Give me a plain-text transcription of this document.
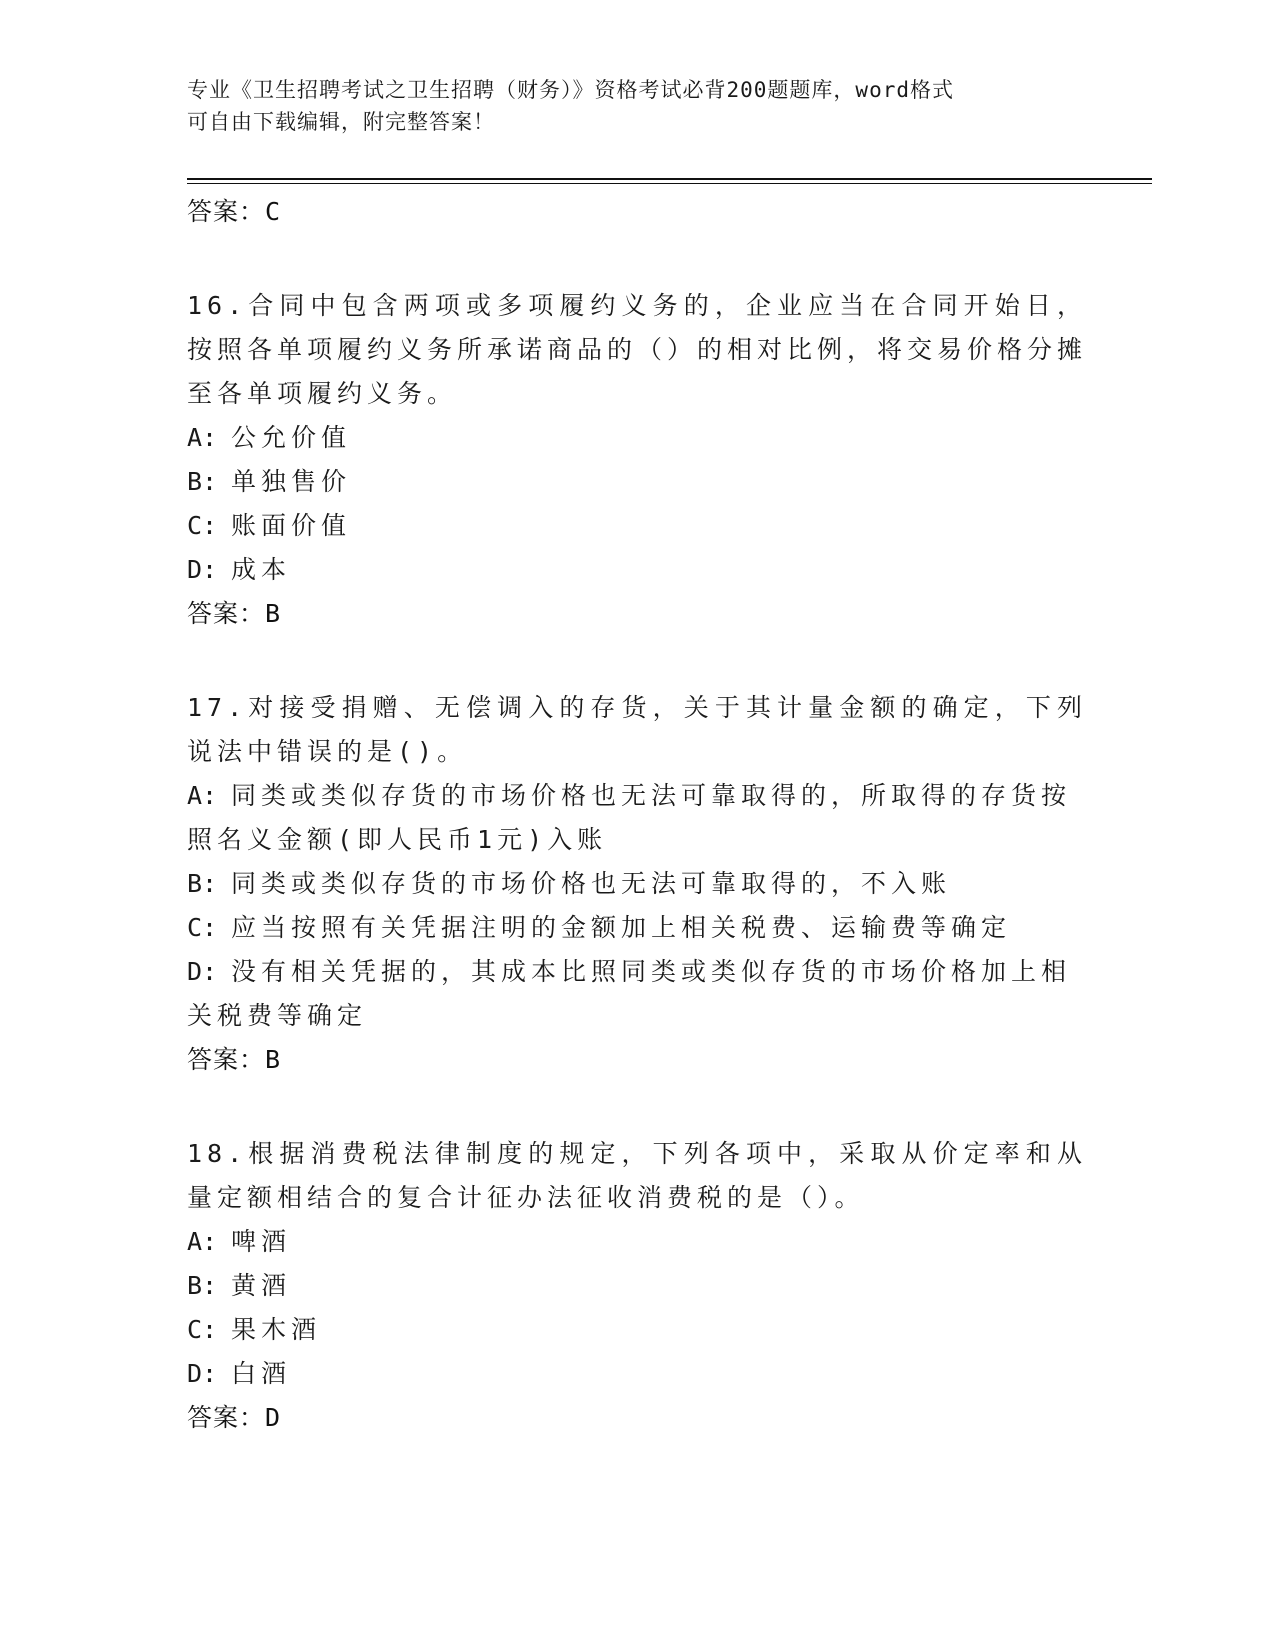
专业《卫生招聘考试之卫生招聘（财务）》资格考试必背200题题库，word格式
可自由下载编辑，附完整答案！
答案：C
16.合同中包含两项或多项履约义务的，企业应当在合同开始日，按照各单项履约义务所承诺商品的（）的相对比例，将交易价格分摊至各单项履约义务。
A: 公允价值
B: 单独售价
C: 账面价值
D: 成本
答案：B
17.对接受捐赠、无偿调入的存货，关于其计量金额的确定，下列说法中错误的是()。
A: 同类或类似存货的市场价格也无法可靠取得的，所取得的存货按照名义金额(即人民币1元)入账
B: 同类或类似存货的市场价格也无法可靠取得的，不入账
C: 应当按照有关凭据注明的金额加上相关税费、运输费等确定
D: 没有相关凭据的，其成本比照同类或类似存货的市场价格加上相关税费等确定
答案：B
18.根据消费税法律制度的规定，下列各项中，采取从价定率和从量定额相结合的复合计征办法征收消费税的是（）。
A: 啤酒
B: 黄酒
C: 果木酒
D: 白酒
答案：D
